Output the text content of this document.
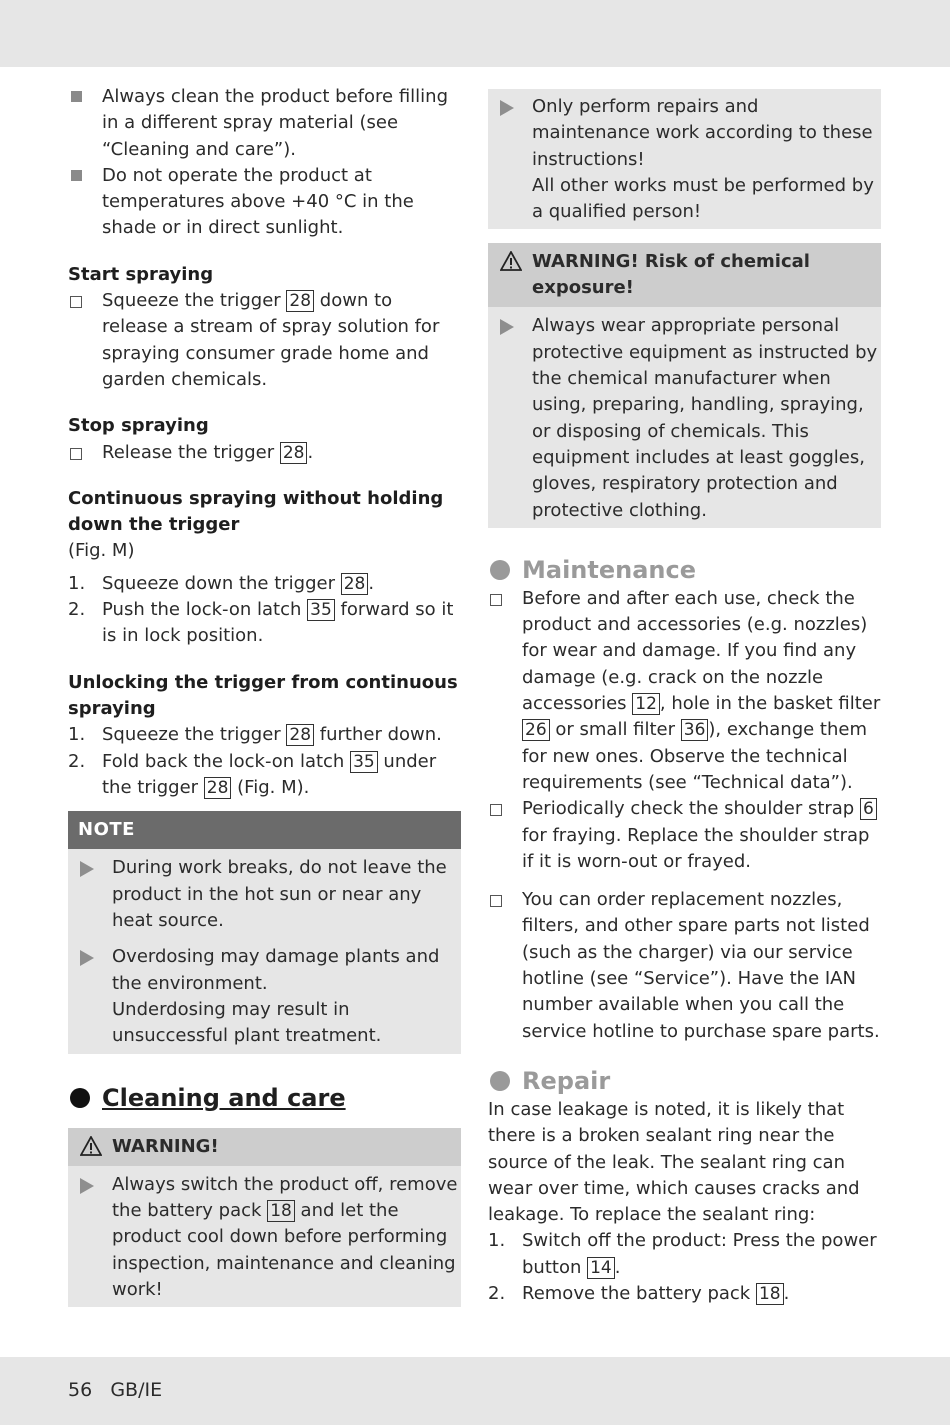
Always clean the product before filling in a different spray material (see “Cleaning and care”).
Do not operate the product at temperatures above +40 °C in the shade or in direct sunlight.
Start spraying
Squeeze the trigger 28 down to release a stream of spray solution for spraying consumer grade home and garden chemicals.
Stop spraying
Release the trigger 28 .
Continuous spraying without holding down the trigger
(Fig. M)
1. Squeeze down the trigger 28 .
2. Push the lock-on latch 35 forward so it is in lock position.
Unlocking the trigger from continuous spraying
1. Squeeze the trigger 28 further down.
2. Fold back the lock-on latch 35 under the trigger 28 (Fig. M).
NOTE
During work breaks, do not leave the product in the hot sun or near any heat source.
Overdosing may damage plants and the environment.
Underdosing may result in unsuccessful plant treatment.
Cleaning and care
WARNING!
Always switch the product off, remove the battery pack 18 and let the product cool down before performing inspection, maintenance and cleaning work!
Only perform repairs and maintenance work according to these instructions!
All other works must be performed by a qualified person!
WARNING! Risk of chemical exposure!
Always wear appropriate personal protective equipment as instructed by the chemical manufacturer when using, preparing, handling, spraying, or disposing of chemicals. This equipment includes at least goggles, gloves, respiratory protection and protective clothing.
Maintenance
Before and after each use, check the product and accessories (e.g. nozzles) for wear and damage. If you find any damage (e.g. crack on the nozzle accessories 12 , hole in the basket filter 26 or small filter 36 ), exchange them for new ones. Observe the technical requirements (see “Technical data”).
Periodically check the shoulder strap 6 for fraying. Replace the shoulder strap if it is worn-out or frayed.
You can order replacement nozzles, filters, and other spare parts not listed (such as the charger) via our service hotline (see “Service”). Have the IAN number available when you call the service hotline to purchase spare parts.
Repair
In case leakage is noted, it is likely that there is a broken sealant ring near the source of the leak. The sealant ring can wear over time, which causes cracks and leakage. To replace the sealant ring:
1. Switch off the product: Press the power button 14 .
2. Remove the battery pack 18 .
56 GB/IE
